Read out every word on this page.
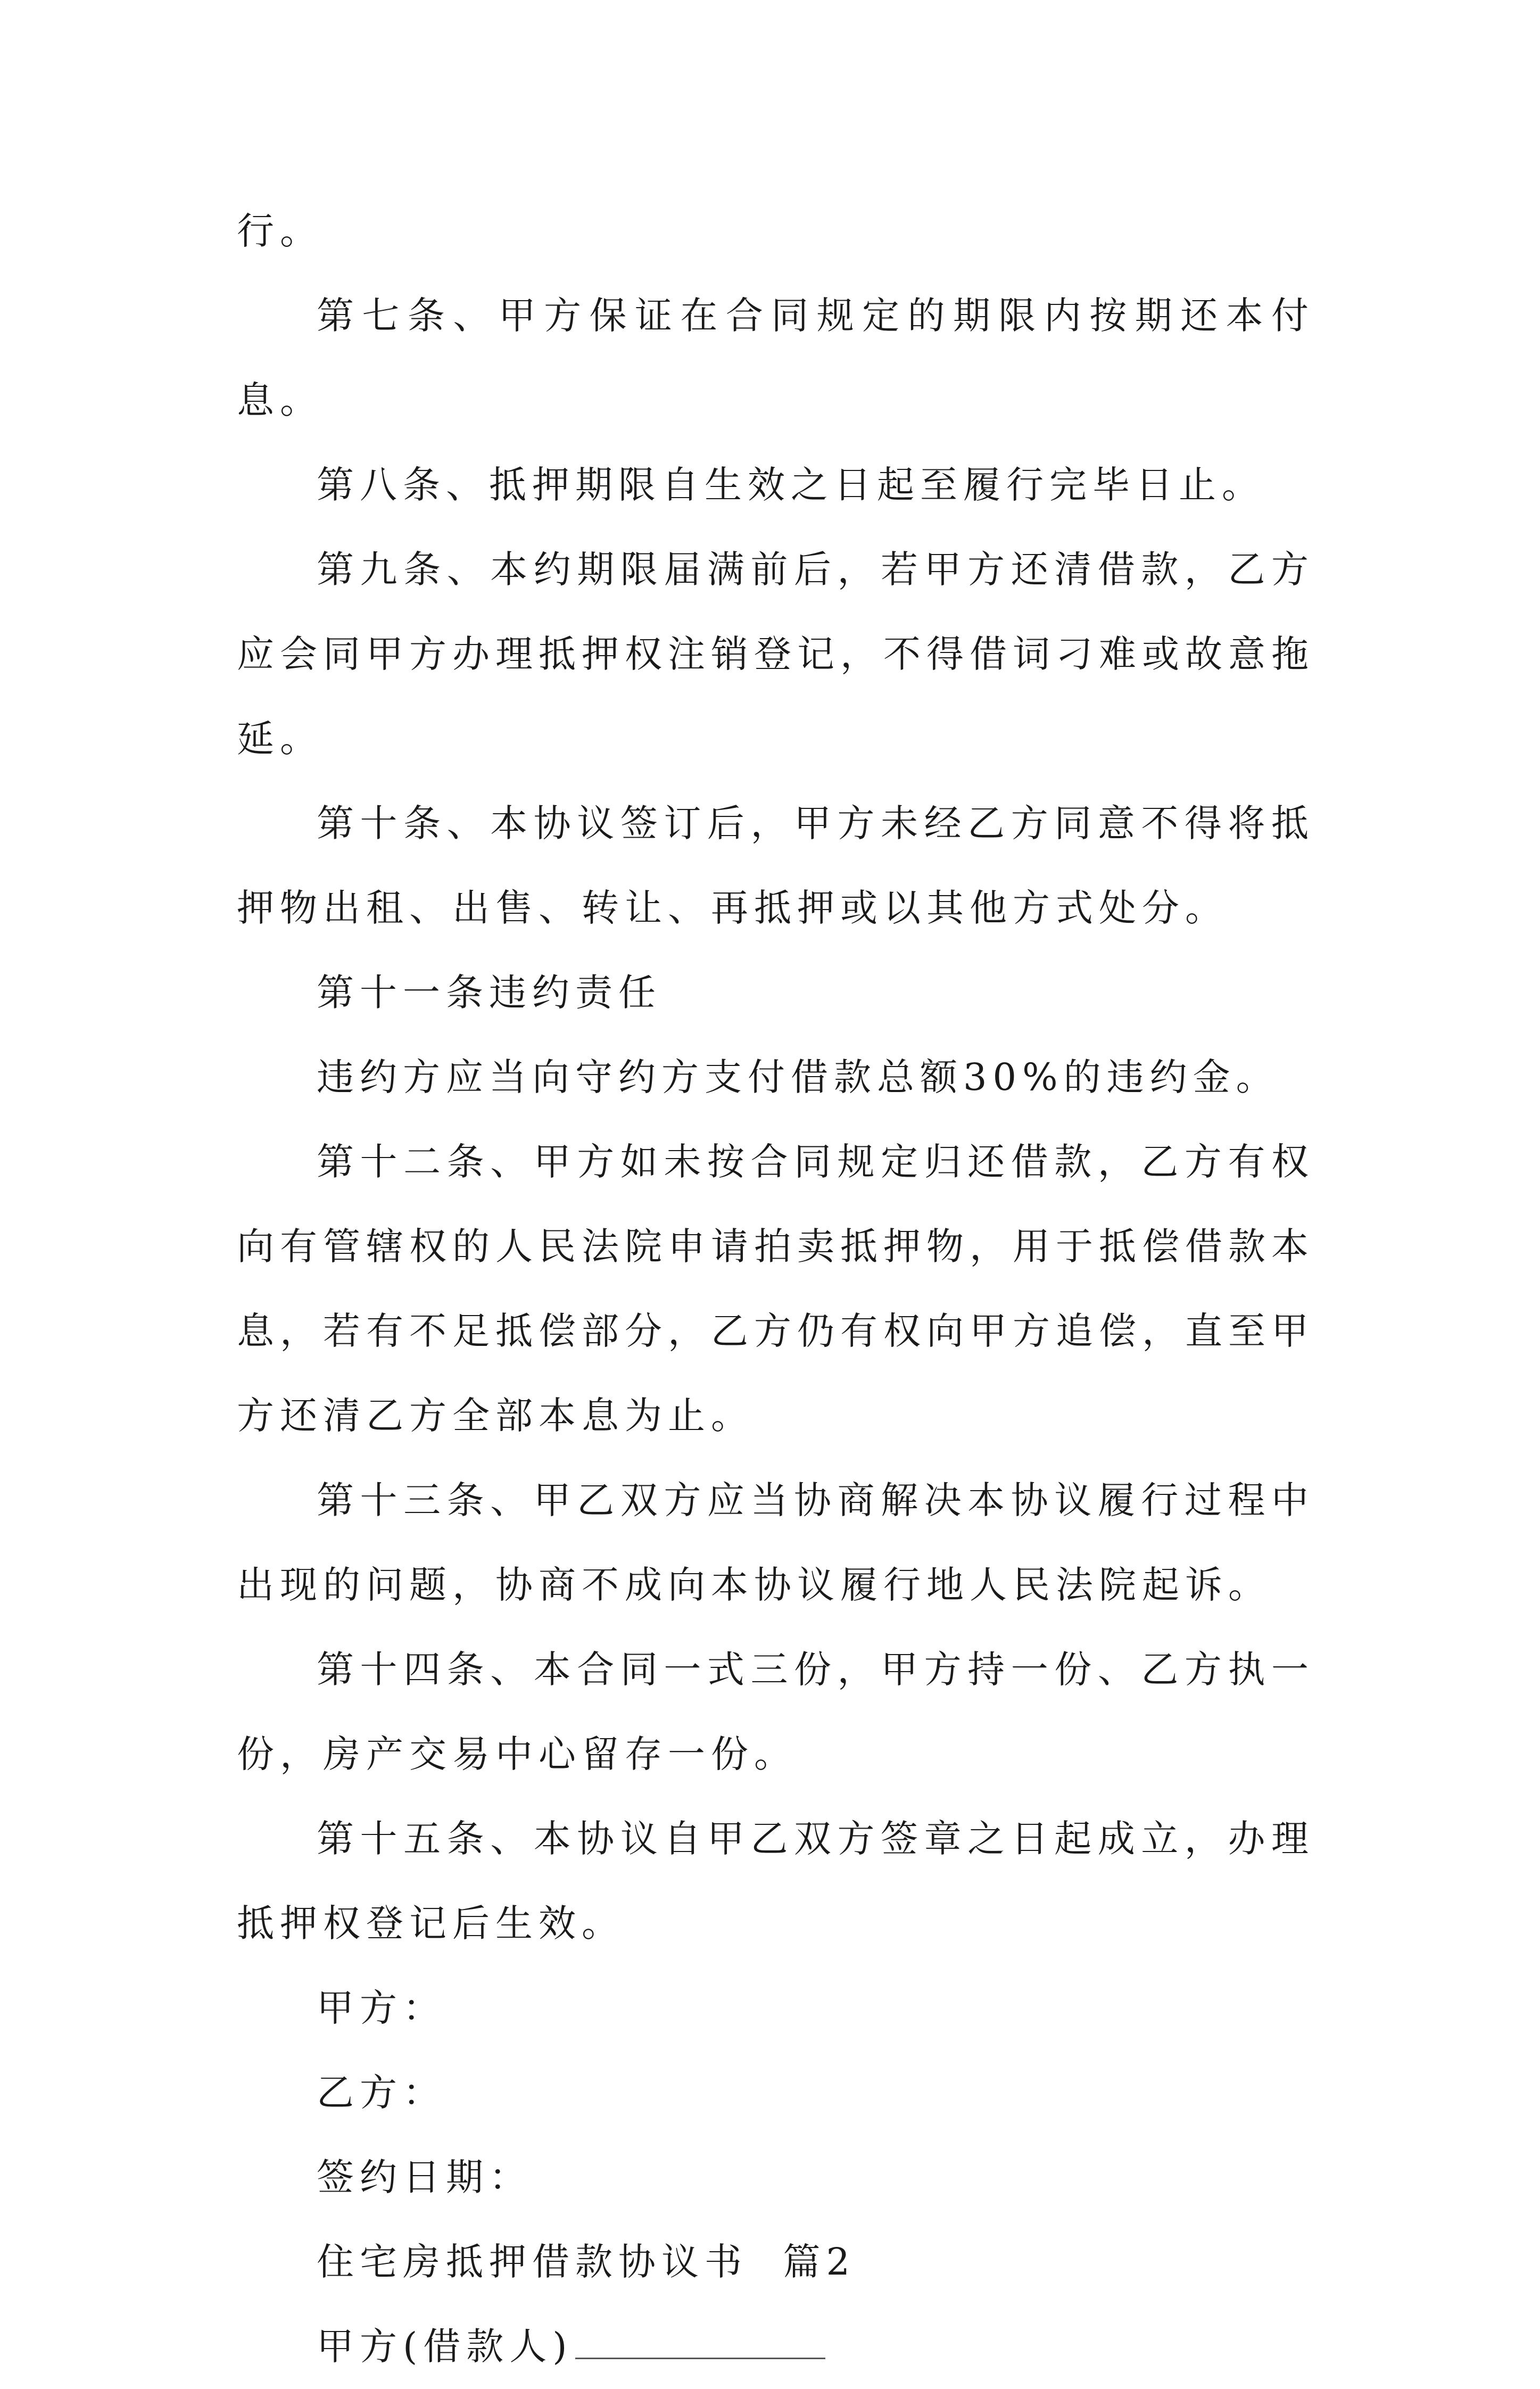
行。

第七条、甲方保证在合同规定的期限内按期还本付息。

第八条、抵押期限自生效之日起至履行完毕日止。

第九条、本约期限届满前后，若甲方还清借款，乙方应会同甲方办理抵押权注销登记，不得借词刁难或故意拖延。

第十条、本协议签订后，甲方未经乙方同意不得将抵押物出租、出售、转让、再抵押或以其他方式处分。

第十一条违约责任

违约方应当向守约方支付借款总额30%的违约金。

第十二条、甲方如未按合同规定归还借款，乙方有权向有管辖权的人民法院申请拍卖抵押物，用于抵偿借款本息，若有不足抵偿部分，乙方仍有权向甲方追偿，直至甲方还清乙方全部本息为止。

第十三条、甲乙双方应当协商解决本协议履行过程中出现的问题，协商不成向本协议履行地人民法院起诉。

第十四条、本合同一式三份，甲方持一份、乙方执一份，房产交易中心留存一份。

第十五条、本协议自甲乙双方签章之日起成立，办理抵押权登记后生效。

甲方：

乙方：

签约日期：

住宅房抵押借款协议书  篇2

甲方(借款人)
